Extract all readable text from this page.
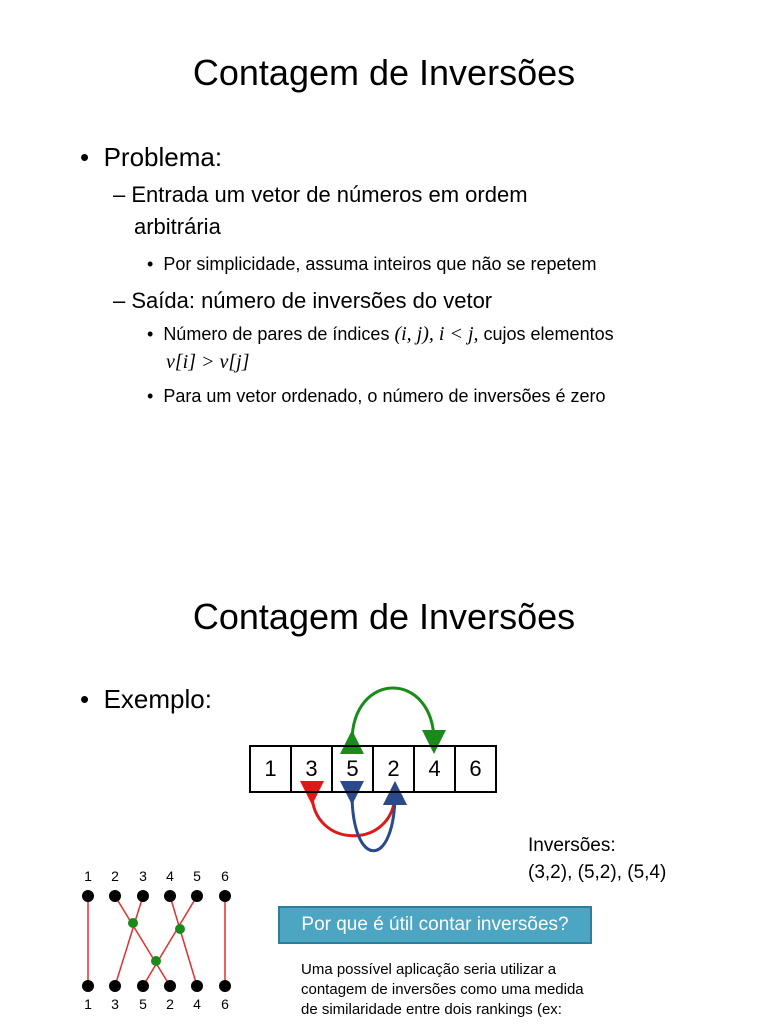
Contagem de Inversões
•  Problema:
– Entrada um vetor de números em ordem
arbitrária
•  Por simplicidade, assuma inteiros que não se repetem
– Saída: número de inversões do vetor
•  Número de pares de índices (i, j), i < j, cujos elementos
v[i] > v[j]
•  Para um vetor ordenado, o número de inversões é zero
Contagem de Inversões
•  Exemplo:
1	3	5	2	4	6
Inversões:
(3,2), (5,2), (5,4)
1	2	3	4	5	6
1	3	5	2	4	6
Por que é útil contar inversões?
Uma possível aplicação seria utilizar a
contagem de inversões como uma medida
de similaridade entre dois rankings (ex:
